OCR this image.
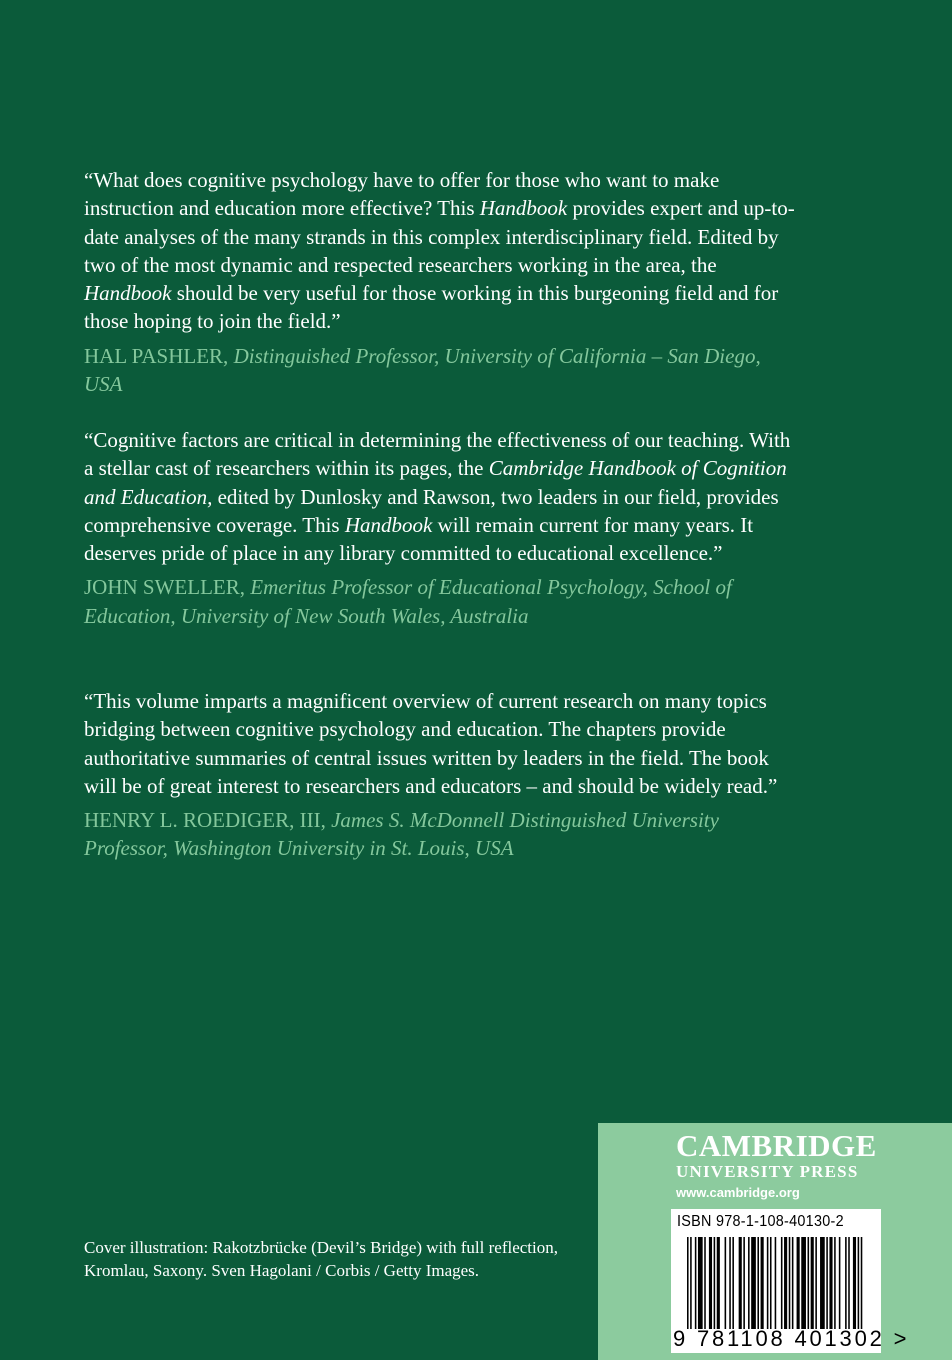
“What does cognitive psychology have to offer for those who want to make instruction and education more effective? This Handbook provides expert and up-to-date analyses of the many strands in this complex interdisciplinary field. Edited by two of the most dynamic and respected researchers working in the area, the Handbook should be very useful for those working in this burgeoning field and for those hoping to join the field.”

HAL PASHLER, Distinguished Professor, University of California – San Diego, USA

“Cognitive factors are critical in determining the effectiveness of our teaching. With a stellar cast of researchers within its pages, the Cambridge Handbook of Cognition and Education, edited by Dunlosky and Rawson, two leaders in our field, provides comprehensive coverage. This Handbook will remain current for many years. It deserves pride of place in any library committed to educational excellence.”

JOHN SWELLER, Emeritus Professor of Educational Psychology, School of Education, University of New South Wales, Australia

“This volume imparts a magnificent overview of current research on many topics bridging between cognitive psychology and education. The chapters provide authoritative summaries of central issues written by leaders in the field. The book will be of great interest to researchers and educators – and should be widely read.”

HENRY L. ROEDIGER, III, James S. McDonnell Distinguished University Professor, Washington University in St. Louis, USA

Cover illustration: Rakotzbrücke (Devil’s Bridge) with full reflection, Kromlau, Saxony. Sven Hagolani / Corbis / Getty Images.
CAMBRIDGE
UNIVERSITY PRESS
www.cambridge.org
ISBN 978-1-108-40130-2
9 781108 401302 >
